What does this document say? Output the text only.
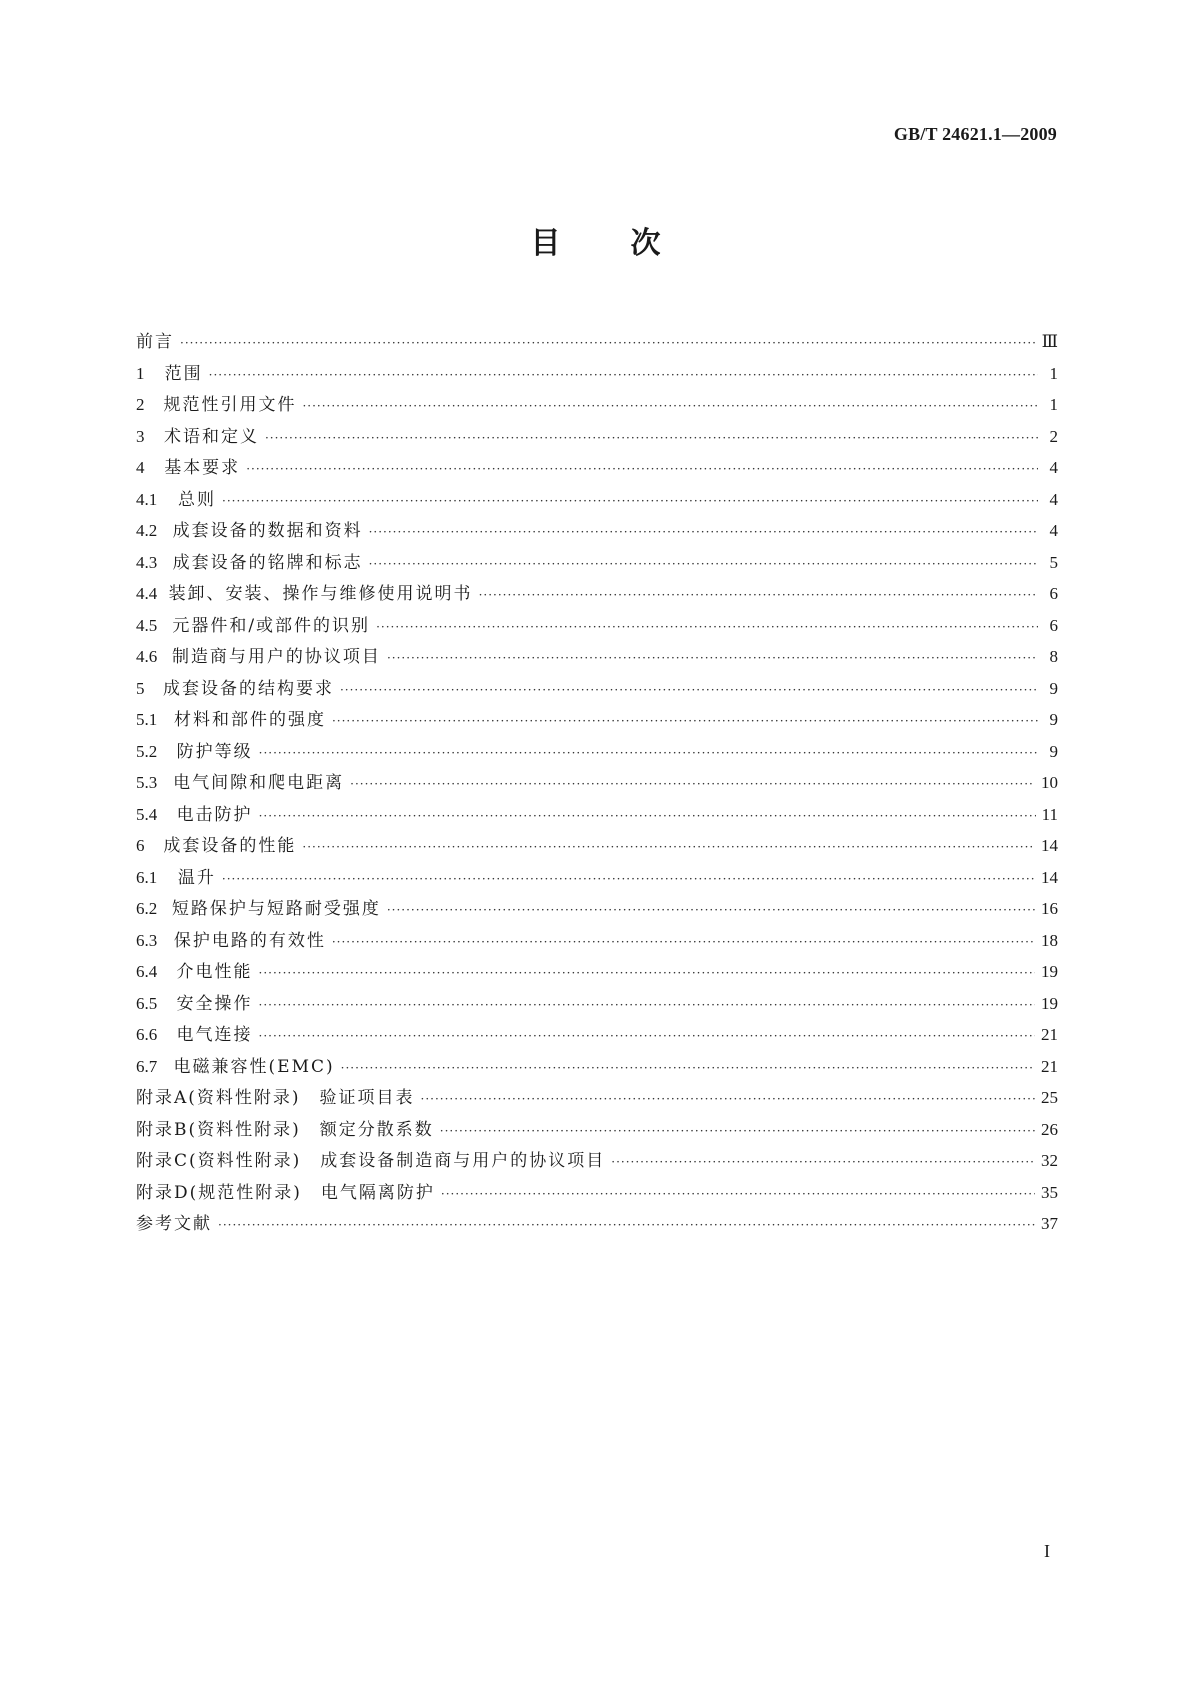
GB/T 24621.1—2009
目次
前言 ·····	Ⅲ
1 范围 ·····	1
2 规范性引用文件 ·····	1
3 术语和定义 ·····	2
4 基本要求 ·····	4
4.1	总则 ·····	4
4.2 成套设备的数据和资料 ·····	4
4.3 成套设备的铭牌和标志 ·····	5
4.4 装卸、安装、操作与维修使用说明书 ·····	6
4.5 元器件和/或部件的识别 ·····	6
4.6 制造商与用户的协议项目 ·····	8
5 成套设备的结构要求 ·····	9
5.1 材料和部件的强度 ·····	9
5.2	防护等级 ·····	9
5.3 电气间隙和爬电距离 ·····	10
5.4	电击防护 ·····	11
6 成套设备的性能 ·····	14
6.1	温升 ·····	14
6.2 短路保护与短路耐受强度 ·····	16
6.3 保护电路的有效性 ·····	18
6.4	介电性能 ·····	19
6.5	安全操作 ·····	19
6.6	电气连接 ·····	21
6.7 电磁兼容性(EMC) ·····	21
附录A(资料性附录)　验证项目表 ·····	25
附录B(资料性附录)　额定分散系数 ·····	26
附录C(资料性附录)　成套设备制造商与用户的协议项目 ·····	32
附录D(规范性附录)　电气隔离防护 ·····	35
参考文献 ·····	37
I
